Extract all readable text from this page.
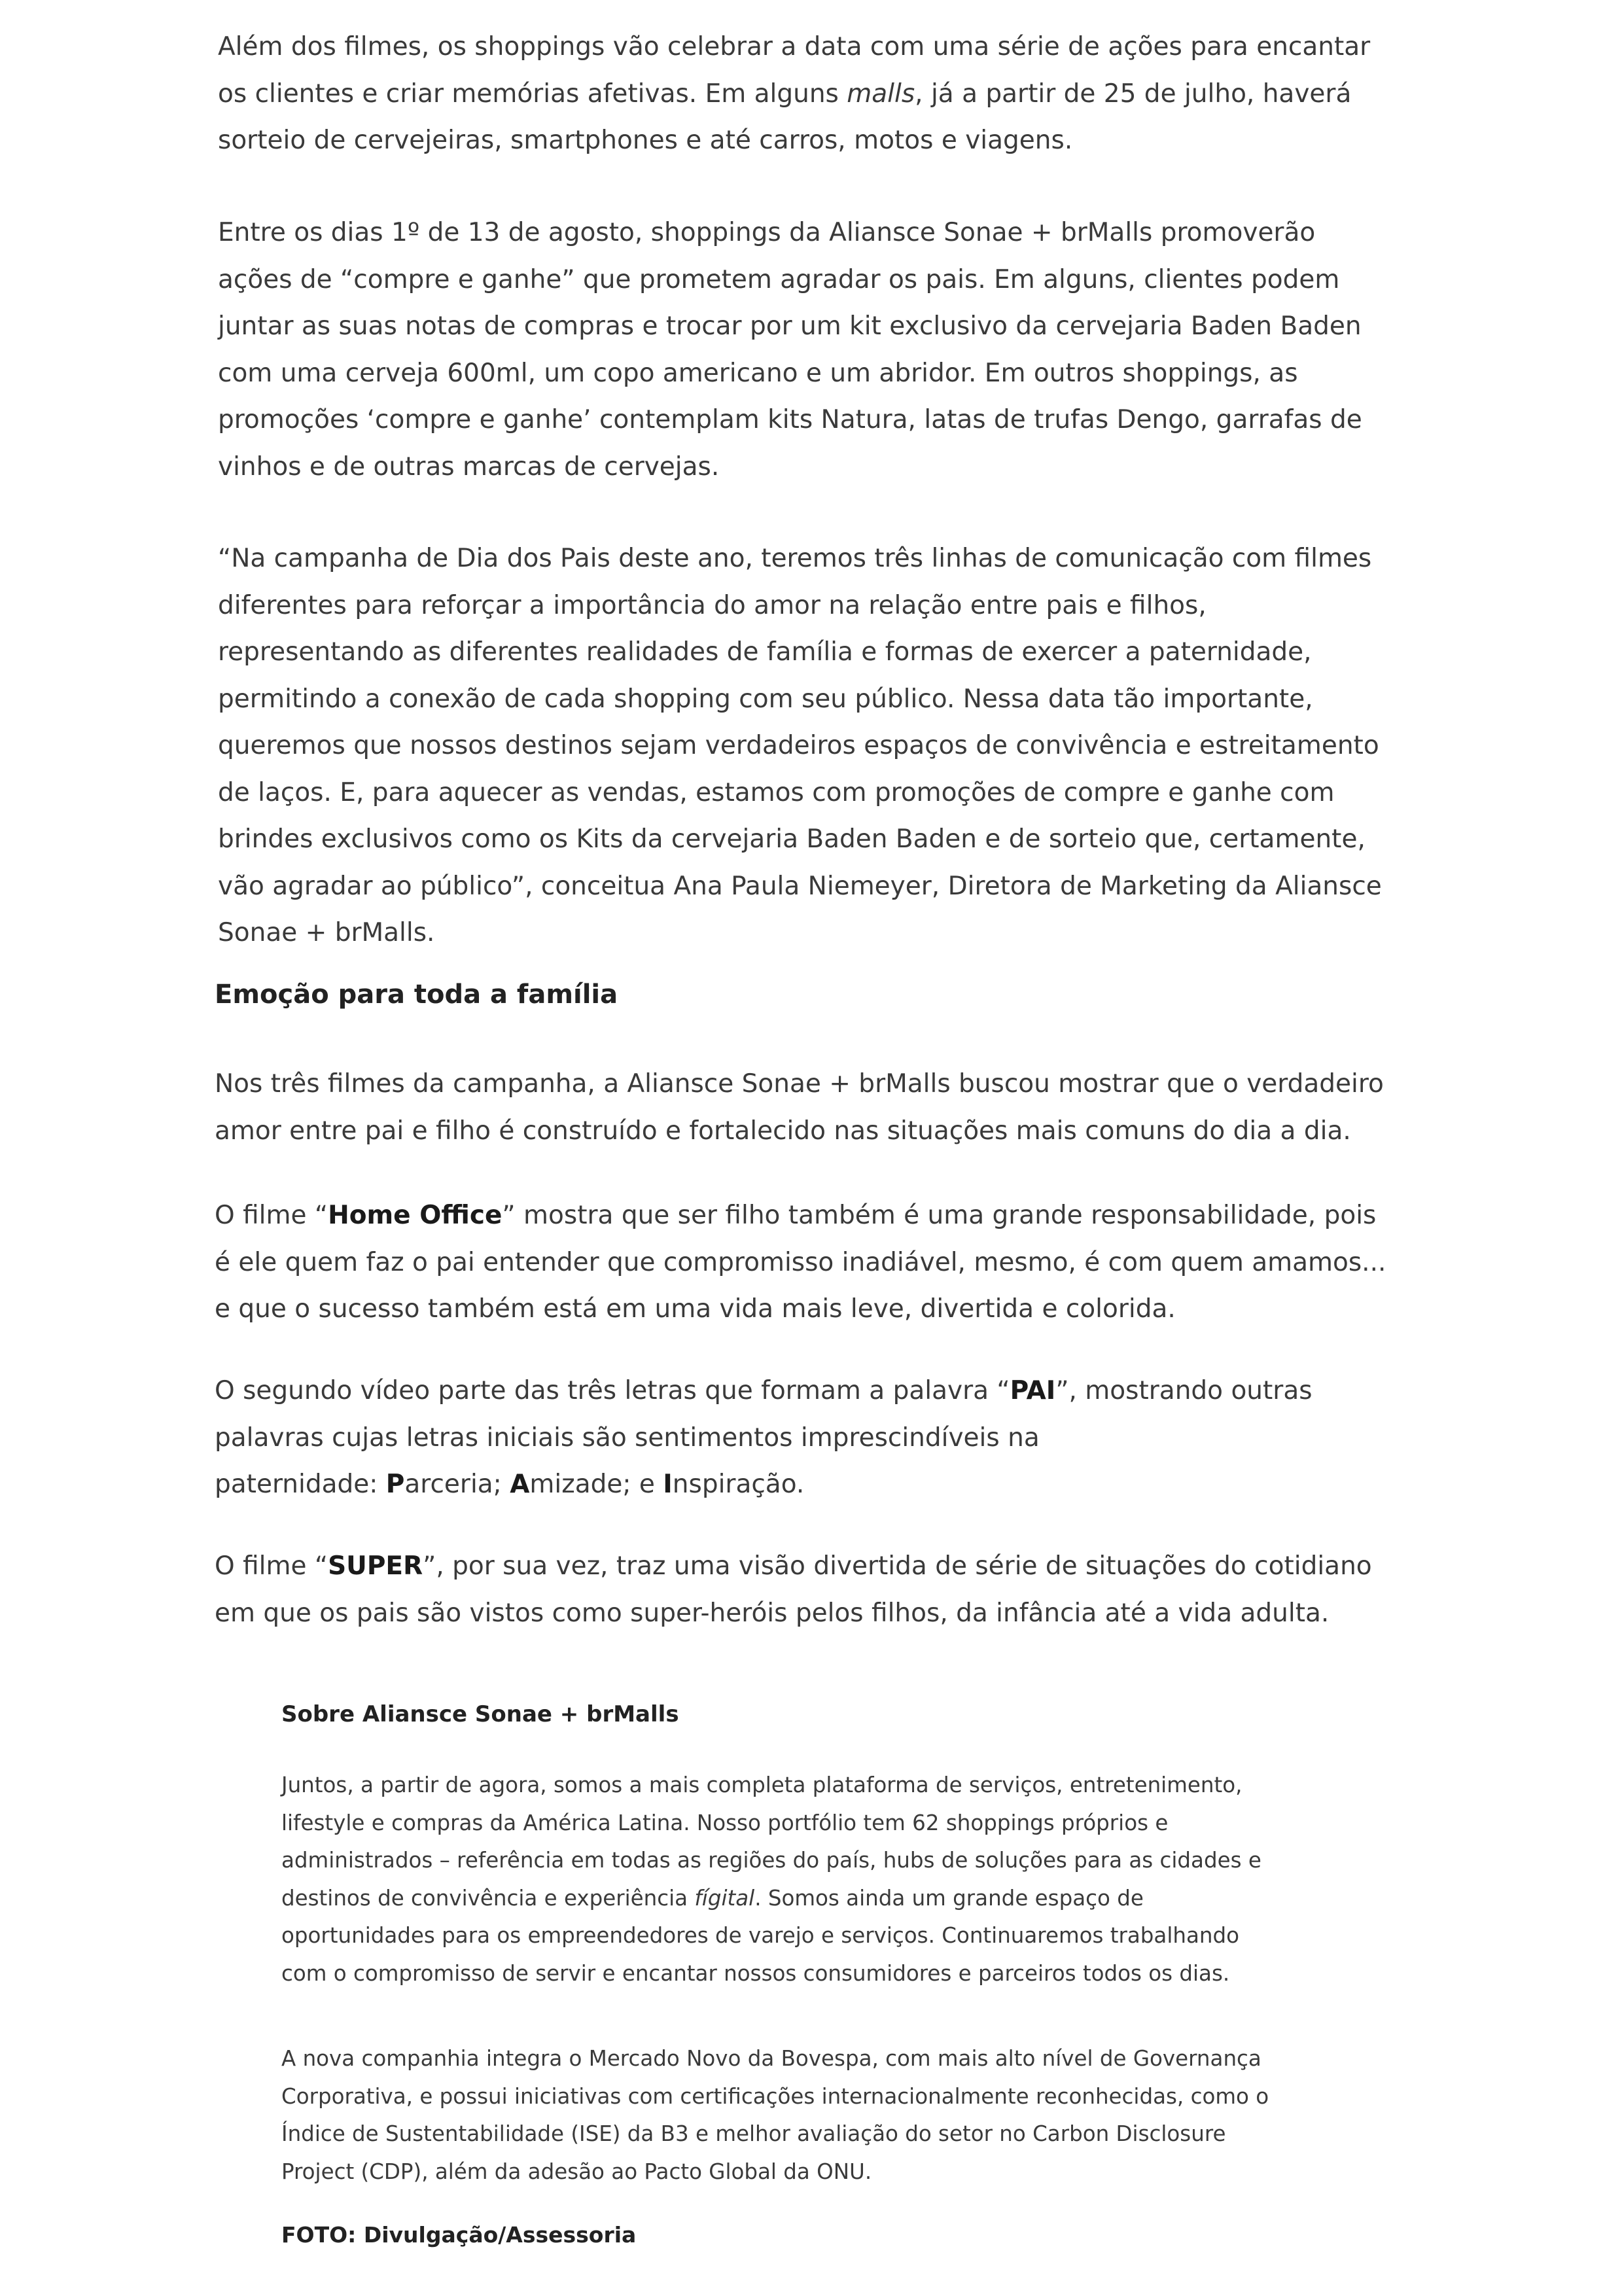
Além dos filmes, os shoppings vão celebrar a data com uma série de ações para encantar
os clientes e criar memórias afetivas. Em alguns malls, já a partir de 25 de julho, haverá
sorteio de cervejeiras, smartphones e até carros, motos e viagens.
Entre os dias 1º de 13 de agosto, shoppings da Aliansce Sonae + brMalls promoverão
ações de “compre e ganhe” que prometem agradar os pais. Em alguns, clientes podem
juntar as suas notas de compras e trocar por um kit exclusivo da cervejaria Baden Baden
com uma cerveja 600ml, um copo americano e um abridor. Em outros shoppings, as
promoções ‘compre e ganhe’ contemplam kits Natura, latas de trufas Dengo, garrafas de
vinhos e de outras marcas de cervejas.
“Na campanha de Dia dos Pais deste ano, teremos três linhas de comunicação com filmes
diferentes para reforçar a importância do amor na relação entre pais e filhos,
representando as diferentes realidades de família e formas de exercer a paternidade,
permitindo a conexão de cada shopping com seu público. Nessa data tão importante,
queremos que nossos destinos sejam verdadeiros espaços de convivência e estreitamento
de laços. E, para aquecer as vendas, estamos com promoções de compre e ganhe com
brindes exclusivos como os Kits da cervejaria Baden Baden e de sorteio que, certamente,
vão agradar ao público”, conceitua Ana Paula Niemeyer, Diretora de Marketing da Aliansce
Sonae + brMalls.
Emoção para toda a família
Nos três filmes da campanha, a Aliansce Sonae + brMalls buscou mostrar que o verdadeiro
amor entre pai e filho é construído e fortalecido nas situações mais comuns do dia a dia.
O filme “Home Office” mostra que ser filho também é uma grande responsabilidade, pois
é ele quem faz o pai entender que compromisso inadiável, mesmo, é com quem amamos...
e que o sucesso também está em uma vida mais leve, divertida e colorida.
O segundo vídeo parte das três letras que formam a palavra “PAI”, mostrando outras
palavras cujas letras iniciais são sentimentos imprescindíveis na
paternidade: Parceria; Amizade; e Inspiração.
O filme “SUPER”, por sua vez, traz uma visão divertida de série de situações do cotidiano
em que os pais são vistos como super-heróis pelos filhos, da infância até a vida adulta.
Sobre Aliansce Sonae + brMalls
Juntos, a partir de agora, somos a mais completa plataforma de serviços, entretenimento,
lifestyle e compras da América Latina. Nosso portfólio tem 62 shoppings próprios e
administrados – referência em todas as regiões do país, hubs de soluções para as cidades e
destinos de convivência e experiência fígital. Somos ainda um grande espaço de
oportunidades para os empreendedores de varejo e serviços. Continuaremos trabalhando
com o compromisso de servir e encantar nossos consumidores e parceiros todos os dias.
A nova companhia integra o Mercado Novo da Bovespa, com mais alto nível de Governança
Corporativa, e possui iniciativas com certificações internacionalmente reconhecidas, como o
Índice de Sustentabilidade (ISE) da B3 e melhor avaliação do setor no Carbon Disclosure
Project (CDP), além da adesão ao Pacto Global da ONU.
FOTO: Divulgação/Assessoria
